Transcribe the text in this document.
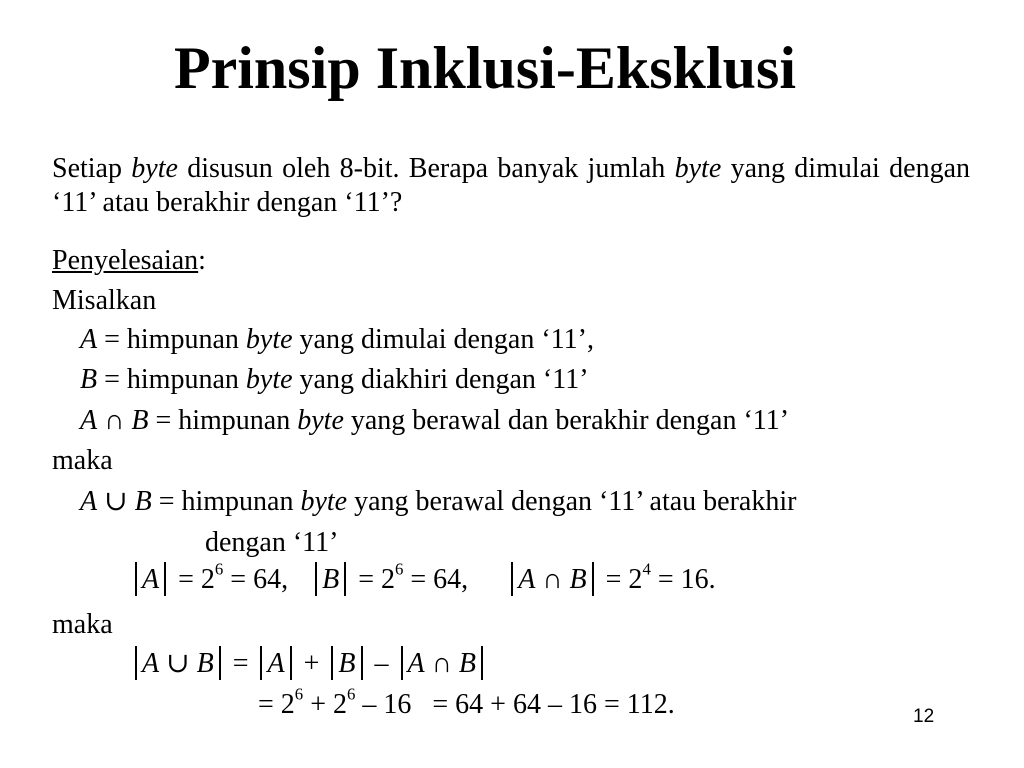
Prinsip Inklusi-Eksklusi
Setiap byte disusun oleh 8-bit. Berapa banyak jumlah byte yang dimulai dengan ‘11’ atau berakhir dengan ‘11’?
Penyelesaian:
Misalkan
A = himpunan byte yang dimulai dengan ‘11’,
B = himpunan byte yang diakhiri dengan ‘11’
A ∩ B = himpunan byte yang berawal dan berakhir dengan ‘11’
maka
A ∪ B = himpunan byte yang berawal dengan ‘11’ atau berakhir
dengan ‘11’
$A = 2^6 = 64$, $B = 2^6 = 64$, A ∩ $B = 2^4 = 16$.
maka
A ∪ B = A + B – A ∩ B
= $2^6 + 2^6 - 16 = 64 + 64 - 16 = 112$.	12
